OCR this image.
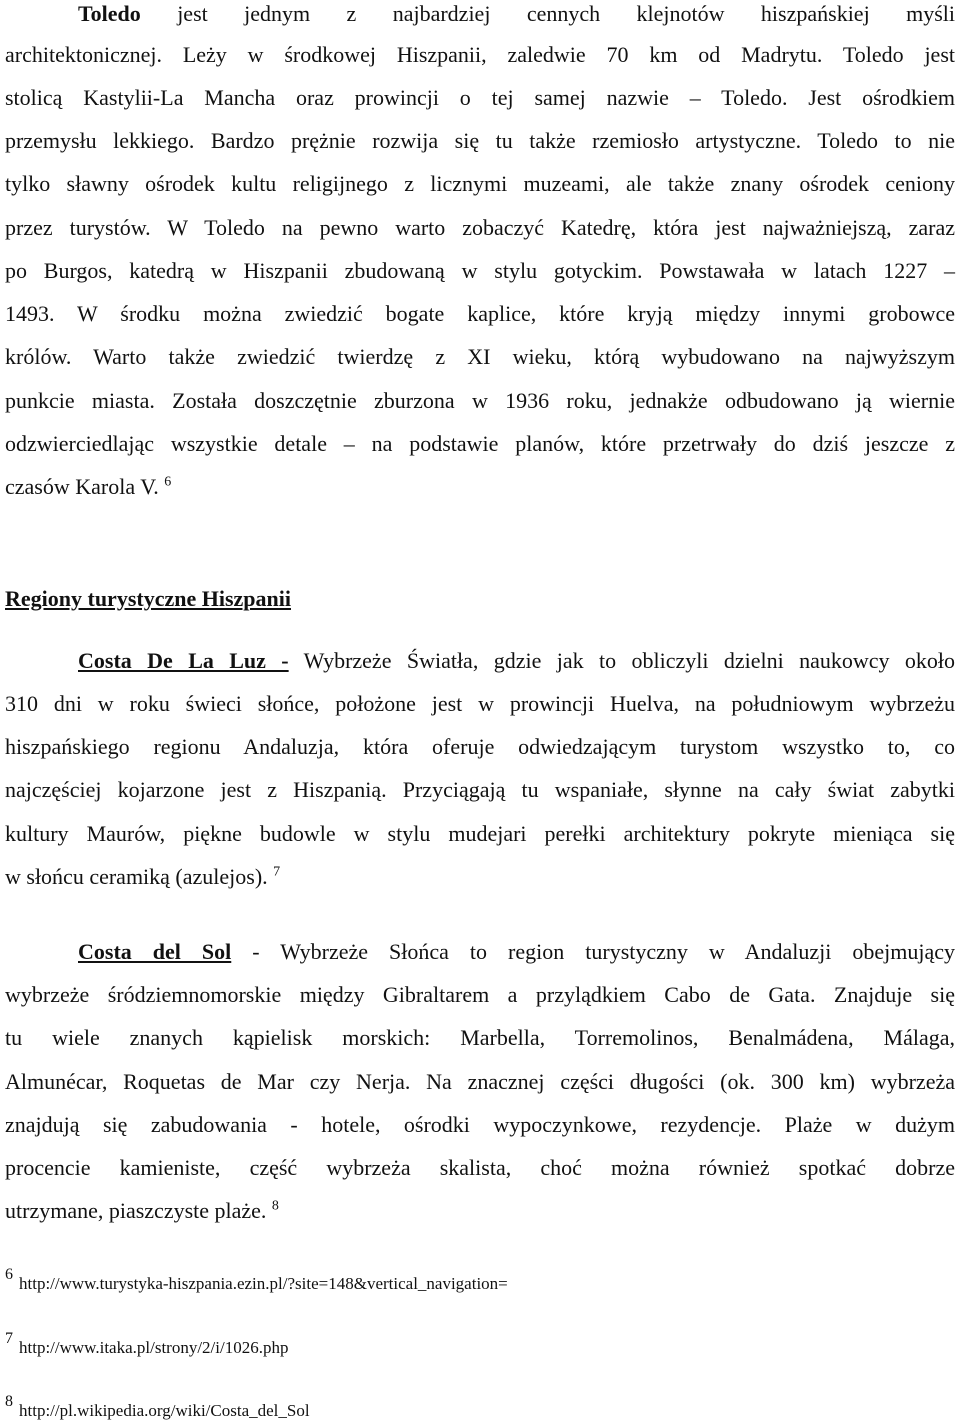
Toledo jest jednym z najbardziej cennych klejnotów hiszpańskiej myśli
architektonicznej. Leży w środkowej Hiszpanii, zaledwie 70 km od Madrytu. Toledo jest
stolicą Kastylii-La Mancha oraz prowincji o tej samej nazwie – Toledo. Jest ośrodkiem
przemysłu lekkiego. Bardzo prężnie rozwija się tu także rzemiosło artystyczne. Toledo to nie
tylko sławny ośrodek kultu religijnego z licznymi muzeami, ale także znany ośrodek ceniony
przez turystów. W Toledo na pewno warto zobaczyć Katedrę, która jest najważniejszą, zaraz
po Burgos, katedrą w Hiszpanii zbudowaną w stylu gotyckim. Powstawała w latach 1227 –
1493. W środku można zwiedzić bogate kaplice, które kryją między innymi grobowce
królów. Warto także zwiedzić twierdzę z XI wieku, którą wybudowano na najwyższym
punkcie miasta. Została doszczętnie zburzona w 1936 roku, jednakże odbudowano ją wiernie
odzwierciedlając wszystkie detale – na podstawie planów, które przetrwały do dziś jeszcze z
czasów Karola V. $^6$
Regiony turystyczne Hiszpanii
Costa De La Luz - Wybrzeże Światła, gdzie jak to obliczyli dzielni naukowcy około
310 dni w roku świeci słońce, położone jest w prowincji Huelva, na południowym wybrzeżu
hiszpańskiego regionu Andaluzja, która oferuje odwiedzającym turystom wszystko to, co
najczęściej kojarzone jest z Hiszpanią. Przyciągają tu wspaniałe, słynne na cały świat zabytki
kultury Maurów, piękne budowle w stylu mudejari perełki architektury pokryte mieniąca się
w słońcu ceramiką (azulejos). $^7$
Costa del Sol - Wybrzeże Słońca to region turystyczny w Andaluzji obejmujący
wybrzeże śródziemnomorskie między Gibraltarem a przylądkiem Cabo de Gata. Znajduje się
tu wiele znanych kąpielisk morskich: Marbella, Torremolinos, Benalmádena, Málaga,
Almunécar, Roquetas de Mar czy Nerja. Na znacznej części długości (ok. 300 km) wybrzeża
znajdują się zabudowania - hotele, ośrodki wypoczynkowe, rezydencje. Plaże w dużym
procencie kamieniste, część wybrzeża skalista, choć można również spotkać dobrze
utrzymane, piaszczyste plaże. $^8$
6 http://www.turystyka-hiszpania.ezin.pl/?site=148&vertical_navigation=
7 http://www.itaka.pl/strony/2/i/1026.php
8 http://pl.wikipedia.org/wiki/Costa_del_Sol
